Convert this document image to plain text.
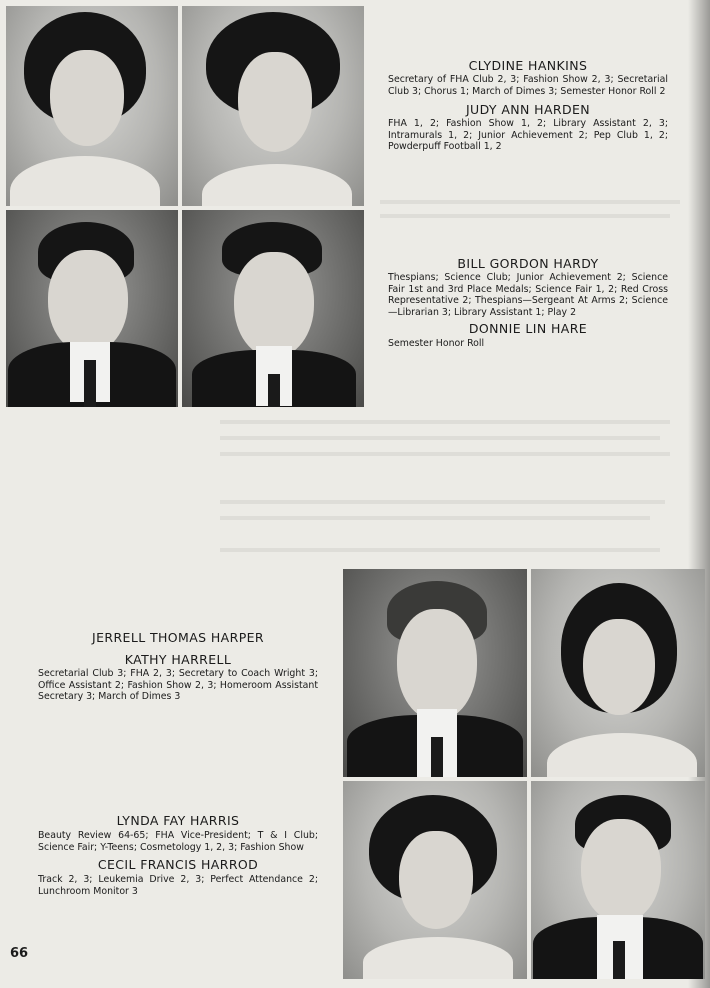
CLYDINE HANKINS
Secretary of FHA Club 2, 3; Fashion Show 2, 3; Secretarial Club 3; Chorus 1; March of Dimes 3; Semester Honor Roll 2
JUDY ANN HARDEN
FHA 1, 2; Fashion Show 1, 2; Library Assistant 2, 3; Intramurals 1, 2; Junior Achievement 2; Pep Club 1, 2; Powderpuff Football 1, 2
BILL GORDON HARDY
Thespians; Science Club; Junior Achievement 2; Science Fair 1st and 3rd Place Medals; Science Fair 1, 2; Red Cross Representative 2; Thespians—Sergeant At Arms 2; Science—Librarian 3; Library Assistant 1; Play 2
DONNIE LIN HARE
Semester Honor Roll
JERRELL THOMAS HARPER
KATHY HARRELL
Secretarial Club 3; FHA 2, 3; Secretary to Coach Wright 3; Office Assistant 2; Fashion Show 2, 3; Homeroom Assistant Secretary 3; March of Dimes 3
LYNDA FAY HARRIS
Beauty Review 64-65; FHA Vice-President; T & I Club; Science Fair; Y-Teens; Cosmetology 1, 2, 3; Fashion Show
CECIL FRANCIS HARROD
Track 2, 3; Leukemia Drive 2, 3; Perfect Attendance 2; Lunchroom Monitor 3
66
